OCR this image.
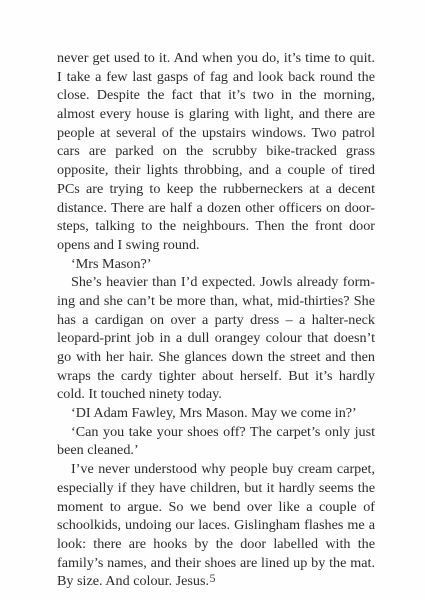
never get used to it. And when you do, it’s time to quit.
I take a few last gasps of fag and look back round the
close. Despite the fact that it’s two in the morning,
almost every house is glaring with light, and there are
people at several of the upstairs windows. Two patrol
cars are parked on the scrubby bike-tracked grass
opposite, their lights throbbing, and a couple of tired
PCs are trying to keep the rubberneckers at a decent
distance. There are half a dozen other officers on door-
steps, talking to the neighbours. Then the front door
opens and I swing round.
‘Mrs Mason?’
She’s heavier than I’d expected. Jowls already form-
ing and she can’t be more than, what, mid-thirties? She
has a cardigan on over a party dress – a halter-neck
leopard-print job in a dull orangey colour that doesn’t
go with her hair. She glances down the street and then
wraps the cardy tighter about herself. But it’s hardly
cold. It touched ninety today.
‘DI Adam Fawley, Mrs Mason. May we come in?’
‘Can you take your shoes off? The carpet’s only just
been cleaned.’
I’ve never understood why people buy cream carpet,
especially if they have children, but it hardly seems the
moment to argue. So we bend over like a couple of
schoolkids, undoing our laces. Gislingham flashes me a
look: there are hooks by the door labelled with the
family’s names, and their shoes are lined up by the mat.
By size. And colour. Jesus. 5
